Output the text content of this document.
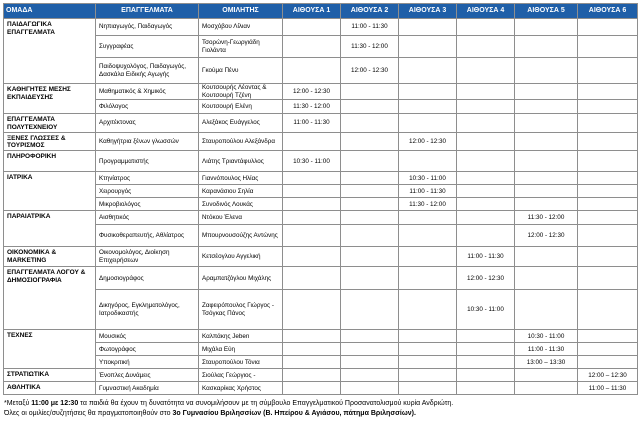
ΟΜΑΔΑ	ΕΠΑΓΓΕΛΜΑΤΑ	ΟΜΙΛΗΤΗΣ	ΑΙΘΟΥΣΑ 1	ΑΙΘΟΥΣΑ 2	ΑΙΘΟΥΣΑ 3	ΑΙΘΟΥΣΑ 4	ΑΙΘΟΥΣΑ 5	ΑΙΘΟΥΣΑ 6
ΠΑΙΔΑΓΩΓΙΚΑ ΕΠΑΓΓΕΛΜΑΤΑ	Νηπιαγωγός, Παιδαγωγός	Μοσχόβου Λίλιαν		11:00 - 11:30				
	Συγγραφέας	Τσορώνη-Γεωργιάδη Γιολάντα		11:30 - 12:00				
	Παιδοψυχολόγος, Παιδαγωγός, Δασκάλα Ειδικής Αγωγής	Γκούμα Πένυ		12:00 - 12:30				
ΚΑΘΗΓΗΤΕΣ ΜΕΣΗΣ ΕΚΠΑΙΔΕΥΣΗΣ	Μαθηματικός & Χημικός	Κουτσουρής Λέοντας & Κουτσουρή Τζένη	12:00 - 12:30					
	Φιλόλογος	Κουτσουρή Ελένη	11:30 - 12:00					
ΕΠΑΓΓΕΛΜΑΤΑ ΠΟΛΥΤΕΧΝΕΙΟΥ	Αρχιτέκτονας	Αλεξάκος Ευάγγελος	11:00 - 11:30					
ΞΕΝΕΣ ΓΛΩΣΣΕΣ & ΤΟΥΡΙΣΜΟΣ	Καθηγήτρια ξένων γλωσσών	Σταυροπούλου Αλεξάνδρα			12:00 - 12:30			
ΠΛΗΡΟΦΟΡΙΚΗ	Προγραμματιστής	Λιάτης Τριαντάφυλλος	10:30 - 11:00					
ΙΑΤΡΙΚΑ	Κτηνίατρος	Γιαννόπουλος Ηλίας			10:30 - 11:00			
	Χειρουργός	Καρανάσιου Σηλία			11:00 - 11:30			
	Μικροβιολόγος	Συνοδινός Λουκάς			11:30 - 12:00			
ΠΑΡΑΙΑΤΡΙΚΑ	Αισθητικός	Ντόκου Έλενα					11:30 - 12:00	
	Φυσικοθεραπευτής, Αθλίατρος	Μπουρνουσούζης Αντώνης					12:00 - 12:30	
ΟΙΚΟΝΟΜΙΚΑ & MARKETING	Οικονομολόγος, Διοίκηση Επιχειρήσεων	Κετσέογλου Αγγελική				11:00 - 11:30		
ΕΠΑΓΓΕΛΜΑΤΑ ΛΟΓΟΥ & ΔΗΜΟΣΙΟΓΡΑΦΙΑ	Δημοσιογράφος	Αραμπατζόγλου Μιχάλης				12:00 - 12:30		
	Δικηγόρος, Εγκληματολόγος, Ιατροδικαστής	Ζαφειρόπουλος Γιώργος - Τσόγκας Πάνος				10:30 - 11:00		
ΤΕΧΝΕΣ	Μουσικός	Καλπάκης Jeben					10:30 - 11:00	
	Φωτογράφος	Μιχάλα Εύη					11:00 - 11:30	
	Υποκριτική	Σταυροπούλου Τόνια					13:00 – 13:30	
ΣΤΡΑΤΙΩΤΙΚΑ	Ένοπλες Δυνάμεις	Σιούλας Γεώργιος -						12:00 – 12:30
ΑΘΛΗΤΙΚΑ	Γυμναστική Ακαδημία	Κασκαρίκας Χρήστος						11:00 – 11:30
*Μεταξύ 11:00 με 12:30 τα παιδιά θα έχουν τη δυνατότητα να συνομιλήσουν με τη σύμβουλο Επαγγελματικού Προσανατολισμού κυρία Ανδριώτη.
Όλες οι ομιλίες/συζητήσεις θα πραγματοποιηθούν στο 3ο Γυμνασίου Βριλησσίων (Β. Ηπείρου & Αγιάσου, πάτημα Βριλησσίων).
